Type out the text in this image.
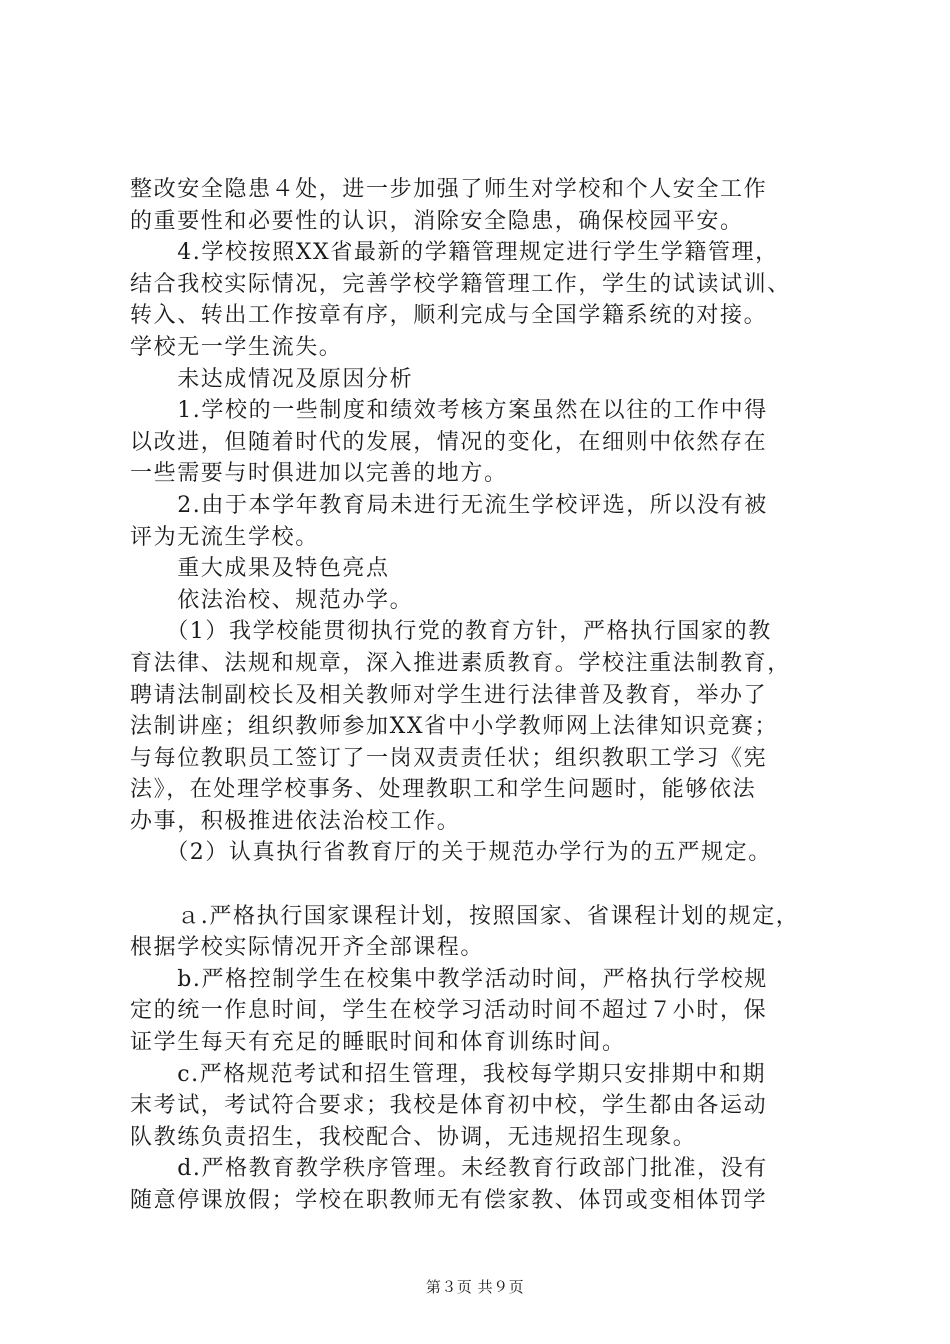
整改安全隐患４处，进一步加强了师生对学校和个人安全工作
的重要性和必要性的认识，消除安全隐患，确保校园平安。
　　4.学校按照XX省最新的学籍管理规定进行学生学籍管理，
结合我校实际情况，完善学校学籍管理工作，学生的试读试训、
转入、转出工作按章有序，顺利完成与全国学籍系统的对接。
学校无一学生流失。
　　未达成情况及原因分析
　　1.学校的一些制度和绩效考核方案虽然在以往的工作中得
以改进，但随着时代的发展，情况的变化，在细则中依然存在
一些需要与时俱进加以完善的地方。
　　2.由于本学年教育局未进行无流生学校评选，所以没有被
评为无流生学校。
　　重大成果及特色亮点
　　依法治校、规范办学。
　　（1）我学校能贯彻执行党的教育方针，严格执行国家的教
育法律、法规和规章，深入推进素质教育。学校注重法制教育，
聘请法制副校长及相关教师对学生进行法律普及教育，举办了
法制讲座；组织教师参加XX省中小学教师网上法律知识竞赛；
与每位教职员工签订了一岗双责责任状；组织教职工学习《宪
法》，在处理学校事务、处理教职工和学生问题时，能够依法
办事，积极推进依法治校工作。
　　（2）认真执行省教育厅的关于规范办学行为的五严规定。
　　ａ.严格执行国家课程计划，按照国家、省课程计划的规定，
根据学校实际情况开齐全部课程。
　　b.严格控制学生在校集中教学活动时间，严格执行学校规
定的统一作息时间，学生在校学习活动时间不超过７小时，保
证学生每天有充足的睡眠时间和体育训练时间。
　　c.严格规范考试和招生管理，我校每学期只安排期中和期
末考试，考试符合要求；我校是体育初中校，学生都由各运动
队教练负责招生，我校配合、协调，无违规招生现象。
　　d.严格教育教学秩序管理。未经教育行政部门批准，没有
随意停课放假；学校在职教师无有偿家教、体罚或变相体罚学
第３页 共９页
